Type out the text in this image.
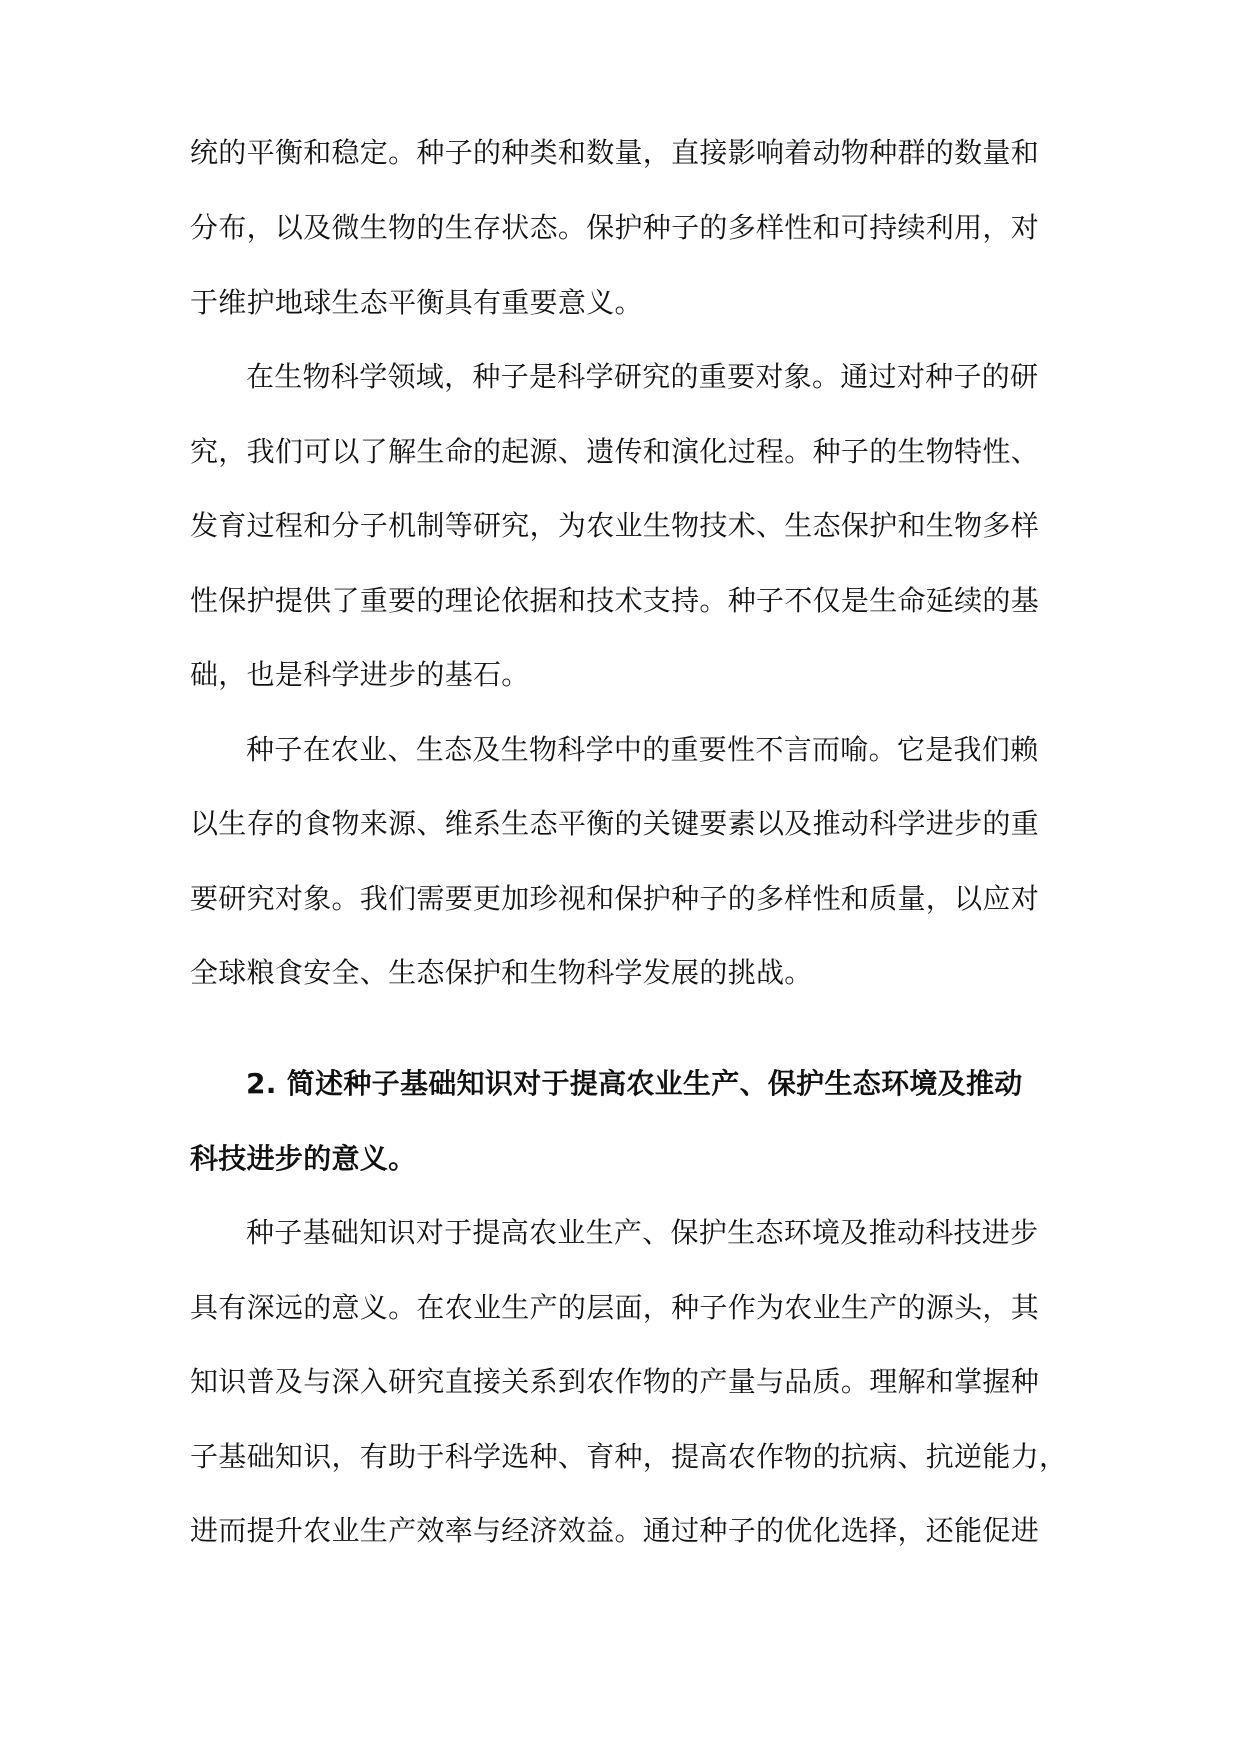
统的平衡和稳定。种子的种类和数量，直接影响着动物种群的数量和
分布，以及微生物的生存状态。保护种子的多样性和可持续利用，对
于维护地球生态平衡具有重要意义。
在生物科学领域，种子是科学研究的重要对象。通过对种子的研
究，我们可以了解生命的起源、遗传和演化过程。种子的生物特性、
发育过程和分子机制等研究，为农业生物技术、生态保护和生物多样
性保护提供了重要的理论依据和技术支持。种子不仅是生命延续的基
础，也是科学进步的基石。
种子在农业、生态及生物科学中的重要性不言而喻。它是我们赖
以生存的食物来源、维系生态平衡的关键要素以及推动科学进步的重
要研究对象。我们需要更加珍视和保护种子的多样性和质量，以应对
全球粮食安全、生态保护和生物科学发展的挑战。
2. 简述种子基础知识对于提高农业生产、保护生态环境及推动
科技进步的意义。
种子基础知识对于提高农业生产、保护生态环境及推动科技进步
具有深远的意义。在农业生产的层面，种子作为农业生产的源头，其
知识普及与深入研究直接关系到农作物的产量与品质。理解和掌握种
子基础知识，有助于科学选种、育种，提高农作物的抗病、抗逆能力，
进而提升农业生产效率与经济效益。通过种子的优化选择，还能促进
